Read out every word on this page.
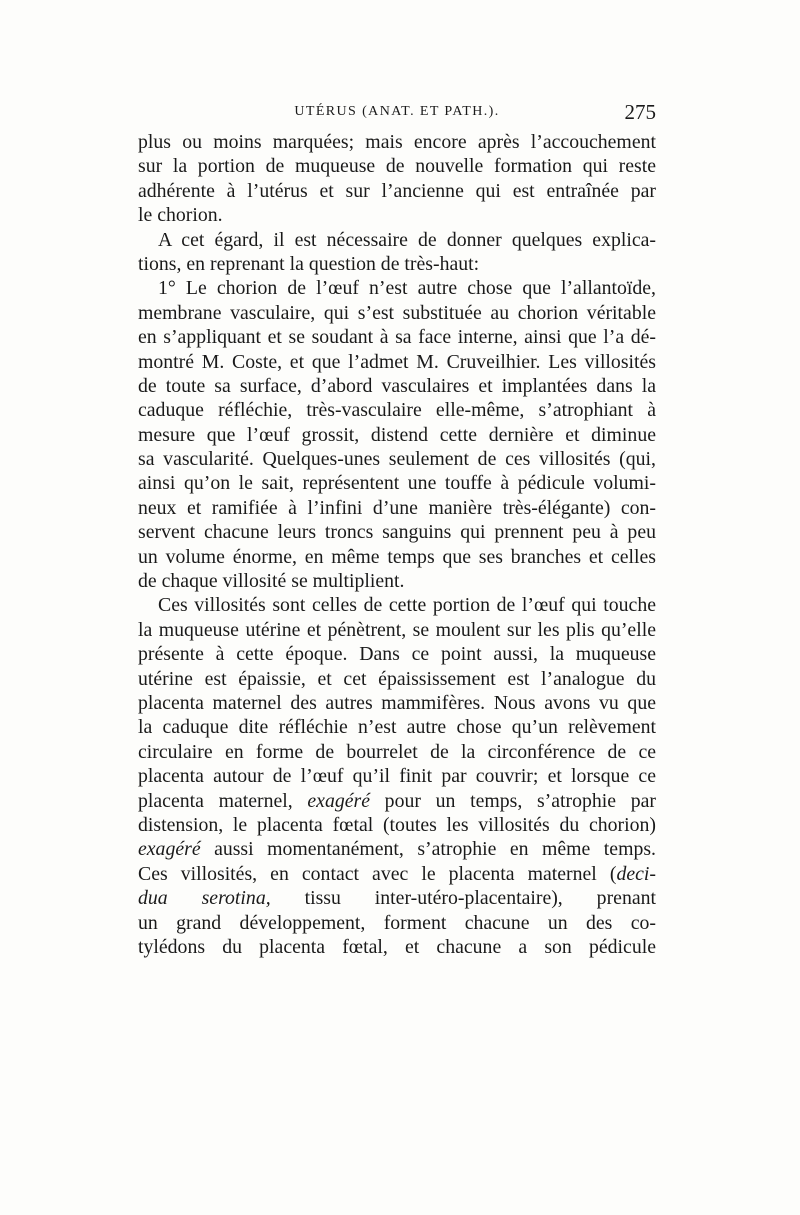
UTÉRUS (ANAT. ET PATH.).	275
plus ou moins marquées; mais encore après l’accouchement
sur la portion de muqueuse de nouvelle formation qui reste
adhérente à l’utérus et sur l’ancienne qui est entraînée par
le chorion.
A cet égard, il est nécessaire de donner quelques explica-
tions, en reprenant la question de très-haut:
1° Le chorion de l’œuf n’est autre chose que l’allantoïde,
membrane vasculaire, qui s’est substituée au chorion véritable
en s’appliquant et se soudant à sa face interne, ainsi que l’a dé-
montré M. Coste, et que l’admet M. Cruveilhier. Les villosités
de toute sa surface, d’abord vasculaires et implantées dans la
caduque réfléchie, très-vasculaire elle-même, s’atrophiant à
mesure que l’œuf grossit, distend cette dernière et diminue
sa vascularité. Quelques-unes seulement de ces villosités (qui,
ainsi qu’on le sait, représentent une touffe à pédicule volumi-
neux et ramifiée à l’infini d’une manière très-élégante) con-
servent chacune leurs troncs sanguins qui prennent peu à peu
un volume énorme, en même temps que ses branches et celles
de chaque villosité se multiplient.
Ces villosités sont celles de cette portion de l’œuf qui touche
la muqueuse utérine et pénètrent, se moulent sur les plis qu’elle
présente à cette époque. Dans ce point aussi, la muqueuse
utérine est épaissie, et cet épaississement est l’analogue du
placenta maternel des autres mammifères. Nous avons vu que
la caduque dite réfléchie n’est autre chose qu’un relèvement
circulaire en forme de bourrelet de la circonférence de ce
placenta autour de l’œuf qu’il finit par couvrir; et lorsque ce
placenta maternel, exagéré pour un temps, s’atrophie par
distension, le placenta fœtal (toutes les villosités du chorion)
exagéré aussi momentanément, s’atrophie en même temps.
Ces villosités, en contact avec le placenta maternel (deci-
dua serotina, tissu inter-utéro-placentaire), prenant
un grand développement, forment chacune un des co-
tylédons du placenta fœtal, et chacune a son pédicule
